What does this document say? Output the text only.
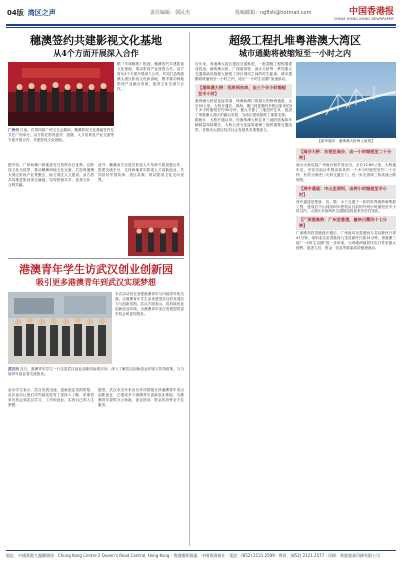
04版 湾区之声	责任编辑：郭民杰	投稿邮箱：ngflsh@hotmail.com	中国香港报
CHINA HONG KONG NEWSPAPER

穗澳签约共建影视文化基地

从4个方面开展深入合作

据《羊城晚报》报道，穗澳签约共建影视文化基地，推动影视产业深度合作。双方将从4个方面开展深入合作，共同打造粤港澳大湾区影视文化新高地，携手推动两地影视产业融合发展，促进文化交流与合作。

广州讯 日前，在第四届广州文交会期间，穗澳影视文化基地签约仪式在广州举行。双方将在影视创作、拍摄、人才培养及产业交流等方面开展合作，共建影视文化基地。

据介绍，广州和澳门两地将充分发挥各自优势，以影视文化为纽带，推动穗澳两地文化交流，打造粤港澳大湾区影视产业集聚区，助力湾区人文建设。双方将共同推进影视项目落地，实现资源共享、优势互补、互利共赢。

此外，穗澳双方还将在影视人才培养方面加强合作，搭建交流平台，支持两地青年影视人才创新创业，共同讲好中国故事、湾区故事，推动影视文化走向世界。

港澳青年学生访武汉创业创新园

吸引更多港澳青年到武汉实现梦想

本次活动旨在加强港澳青年与内地青年的交流，让港澳青年学生亲身感受武汉的发展活力与创新氛围。武汉方面表示，将持续优化创新创业环境，为港澳青年来汉发展提供更多机会和更好服务。

武汉讯 近日，港澳青年学生一行走进武汉创业创新园参观访问，深入了解武汉创新创业环境与扶持政策，与当地青年创业者交流座谈。

参访学生表示，武汉发展迅速，创新创业氛围浓厚，此次参访让他们对内地发展有了更深入了解，希望将来有机会到武汉学习、工作和创业，实现自己的人生梦想。

据悉，武汉市近年来出台多项措施支持港澳青年来汉创新创业，已建成多个港澳青年创新创业基地，为港澳青年提供办公场地、创业指导、资金扶持等全方位服务。

超级工程扎堆粤港澳大湾区

城市通勤将被缩短至一小时之内

近年来，粤港澳大湾区建设全面推进，一批超级工程相继建成投用，港珠澳大桥、广深港高铁、南沙大桥等一系列重大交通基础设施极大缩短了湾区城市之间的时空距离，城市通勤将被缩短至一小时之内，湾区“一小时生活圈”加速形成。

【港珠澳大桥：西岸到东岸，由三个半小时缩短至半小时】

港珠澳大桥是连接香港、珠海和澳门的超大型跨海通道，全长55公里。大桥开通后，珠海、澳门到香港的车程由原来的3个多小时缩短至约30分钟，极大方便了三地居民往来，促进了粤港澳大湾区的融合发展，为湾区建设提供了重要支撑。

据统计，大桥开通以来，经港珠澳大桥往来三地的旅客和车辆数量持续增长，大桥已成为连接粤港澳三地的重要交通纽带，对推动大湾区经济社会发展具有重要意义。

【新华通讯：港珠澳大桥海上航拍】
【南沙大桥：东莞至南沙，由一小时缩短至二十分钟】

南沙大桥连接广州南沙和东莞沙田，全长12.89公里，大桥通车后，东莞至南沙车程由原来的一个多小时缩短至约二十分钟，有效分流虎门大桥交通压力，进一步完善珠三角高速公路网络。

【深中通道：中山至深圳，由两小时缩短至半小时】

深中通道是集桥、岛、隧、水下互通于一体的世界级跨海集群工程，建成后中山到深圳车程将由目前的约两小时缩短至半小时以内，大湾区东西两岸交通格局将迎来历史性变化。

【广深港高铁：广州至香港，最快只需四十七分钟】

广深港高铁香港段开通后，广州南站至香港西九龙站最快只需47分钟，深圳北站至香港西九龙站最快只需14分钟，粤港澳三地“一小时生活圈”进一步形成，为粤港两地居民出行带来极大便利，促进人员、资金、信息等要素高效便捷流动。

地址：中國香港九龍觀塘道 · Chung Kong Centre 2 Queen's Road Central, Hong Kong · 香港總經銷處：中國香港報社 · 電話：(852) 2121 2599 · 傳真：(852) 2121 2577 · 印刷：香港報業印刷有限公司
